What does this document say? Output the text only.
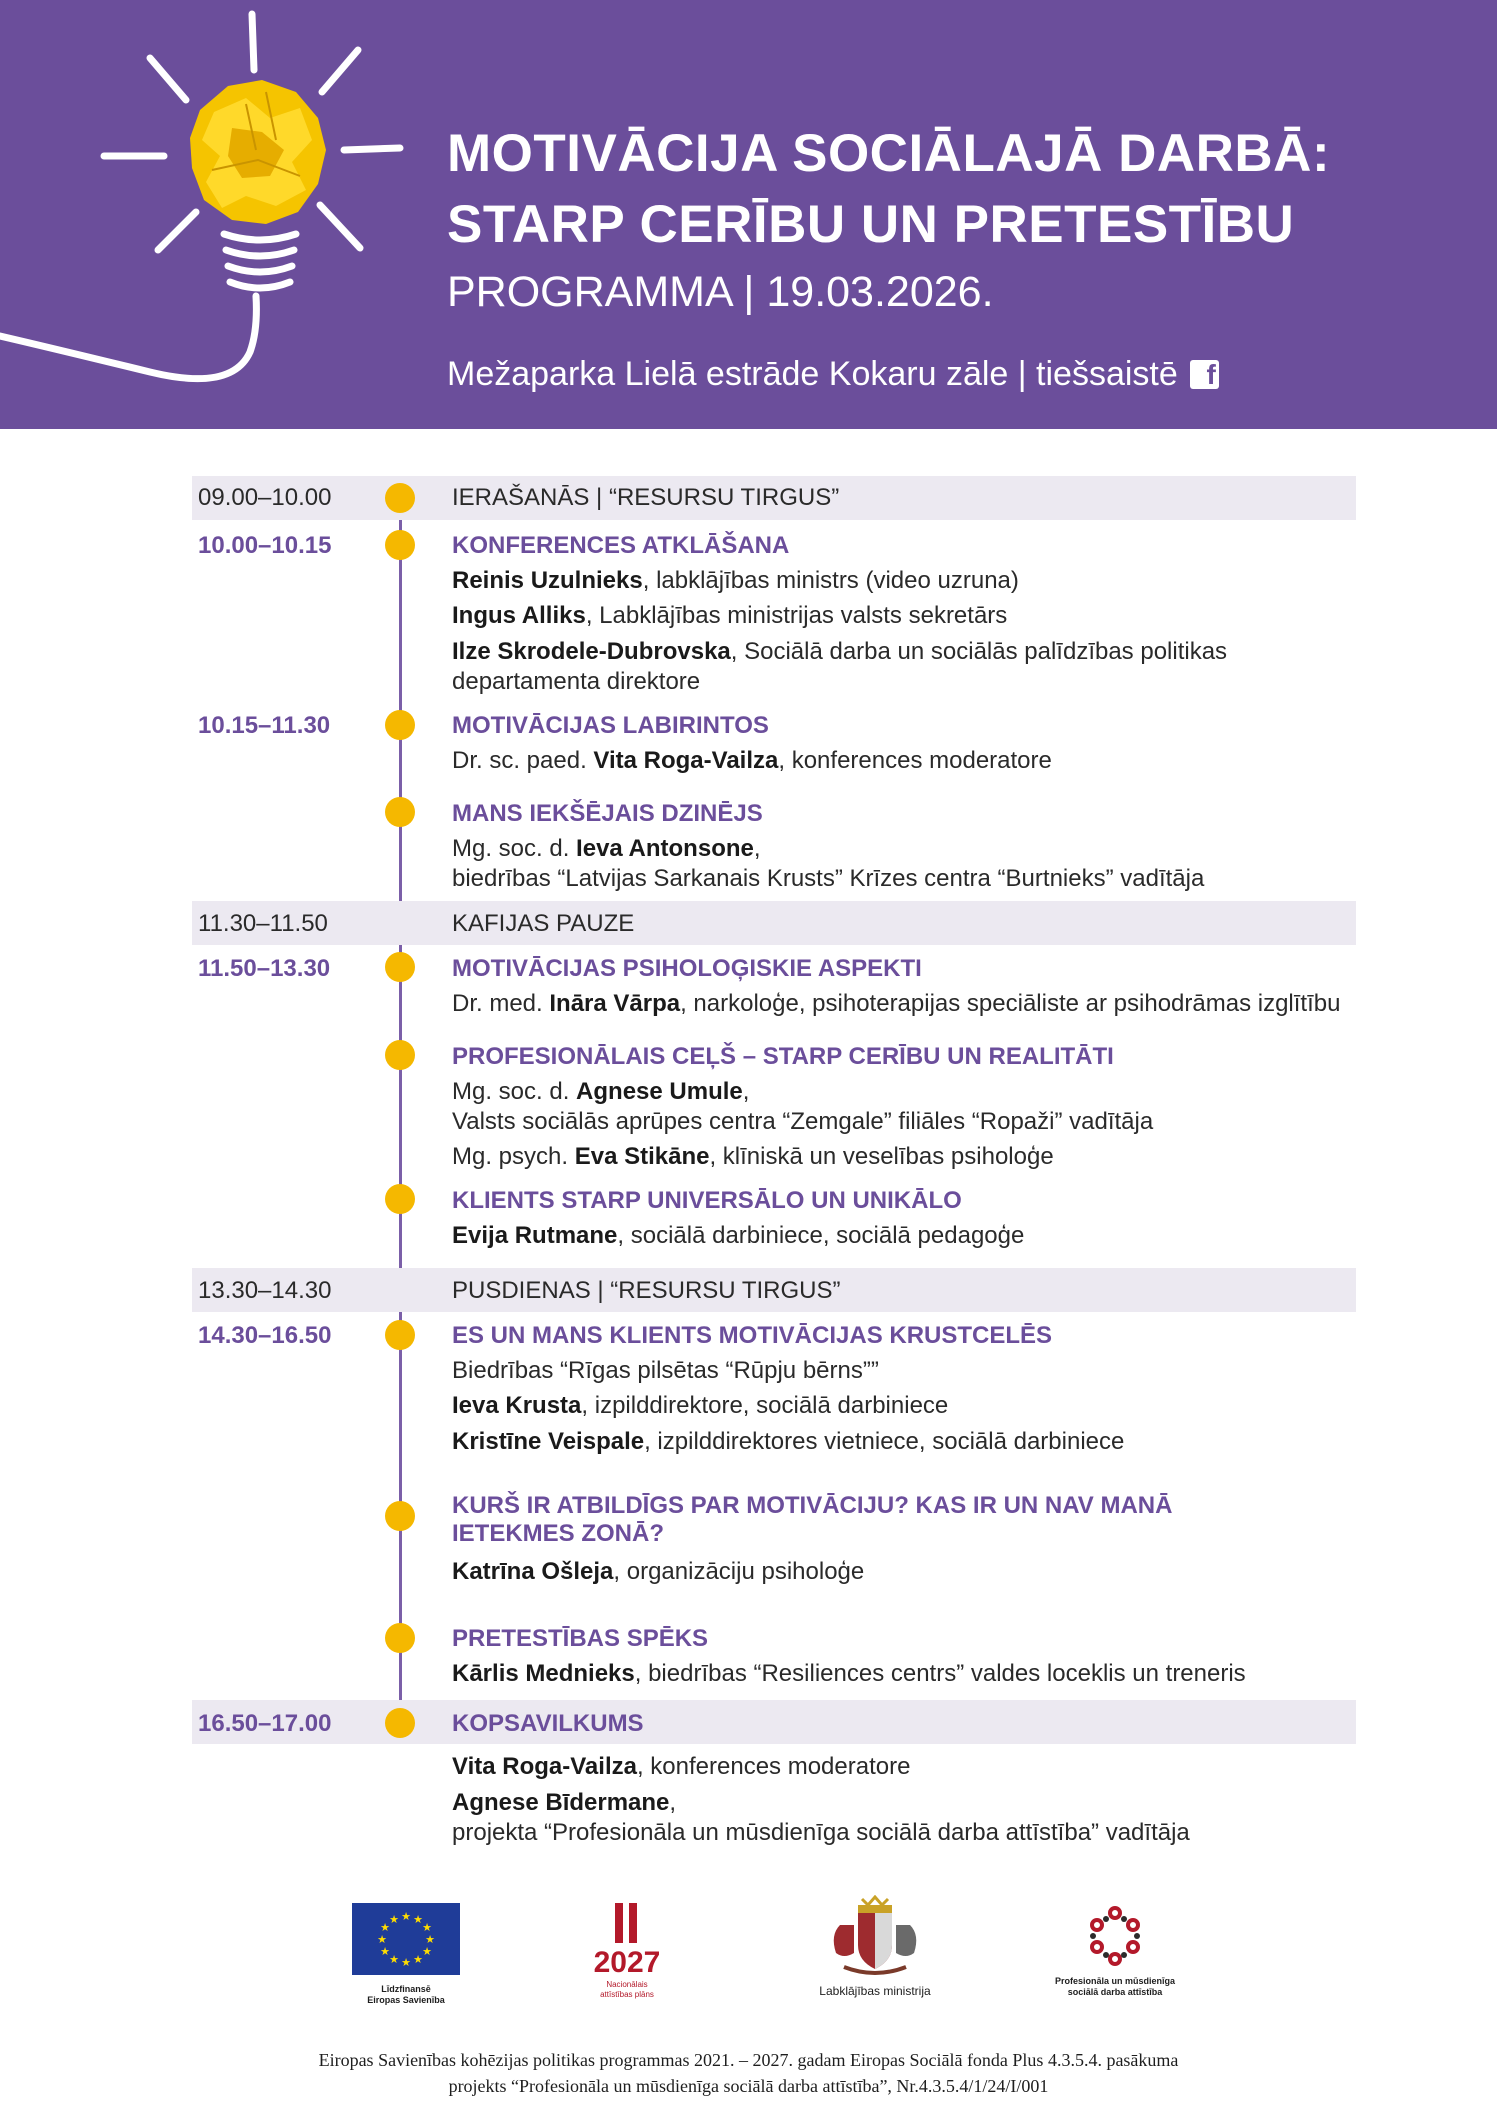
MOTIVĀCIJA SOCIĀLAJĀ DARBĀ:
STARP CERĪBU UN PRETESTĪBU
PROGRAMMA | 19.03.2026.
Mežaparka Lielā estrāde Kokaru zāle | tiešsaistē f
09.00–10.00	IERAŠANĀS | “RESURSU TIRGUS”
10.00–10.15	KONFERENCES ATKLĀŠANA
Reinis Uzulnieks, labklājības ministrs (video uzruna)
Ingus Alliks, Labklājības ministrijas valsts sekretārs
Ilze Skrodele-Dubrovska, Sociālā darba un sociālās palīdzības politikas
departamenta direktore
10.15–11.30	MOTIVĀCIJAS LABIRINTOS
Dr. sc. paed. Vita Roga-Vailza, konferences moderatore
MANS IEKŠĒJAIS DZINĒJS
Mg. soc. d. Ieva Antonsone,
biedrības “Latvijas Sarkanais Krusts” Krīzes centra “Burtnieks” vadītāja
11.30–11.50	KAFIJAS PAUZE
11.50–13.30	MOTIVĀCIJAS PSIHOLOĢISKIE ASPEKTI
Dr. med. Ināra Vārpa, narkoloģe, psihoterapijas speciāliste ar psihodrāmas izglītību
PROFESIONĀLAIS CEĻŠ – STARP CERĪBU UN REALITĀTI
Mg. soc. d. Agnese Umule,
Valsts sociālās aprūpes centra “Zemgale” filiāles “Ropaži” vadītāja
Mg. psych. Eva Stikāne, klīniskā un veselības psiholoģe
KLIENTS STARP UNIVERSĀLO UN UNIKĀLO
Evija Rutmane, sociālā darbiniece, sociālā pedagoģe
13.30–14.30	PUSDIENAS | “RESURSU TIRGUS”
14.30–16.50	ES UN MANS KLIENTS MOTIVĀCIJAS KRUSTCELĒS
Biedrības “Rīgas pilsētas “Rūpju bērns””
Ieva Krusta, izpilddirektore, sociālā darbiniece
Kristīne Veispale, izpilddirektores vietniece, sociālā darbiniece
KURŠ IR ATBILDĪGS PAR MOTIVĀCIJU? KAS IR UN NAV MANĀ
IETEKMES ZONĀ?
Katrīna Ošleja, organizāciju psiholoģe
PRETESTĪBAS SPĒKS
Kārlis Mednieks, biedrības “Resiliences centrs” valdes loceklis un treneris
16.50–17.00	KOPSAVILKUMS
Vita Roga-Vailza, konferences moderatore
Agnese Bīdermane,
projekta “Profesionāla un mūsdienīga sociālā darba attīstība” vadītāja
★ ★
★
★
★
★
★
★
★
★
★
★
Līdzfinansē
Eiropas Savienība
2027
Nacionālais
attīstības plāns	Labklājības ministrija
Profesionāla un mūsdienīga
sociālā darba attīstība
Eiropas Savienības kohēzijas politikas programmas 2021. – 2027. gadam Eiropas Sociālā fonda Plus 4.3.5.4. pasākuma
projekts “Profesionāla un mūsdienīga sociālā darba attīstība”, Nr.4.3.5.4/1/24/I/001
